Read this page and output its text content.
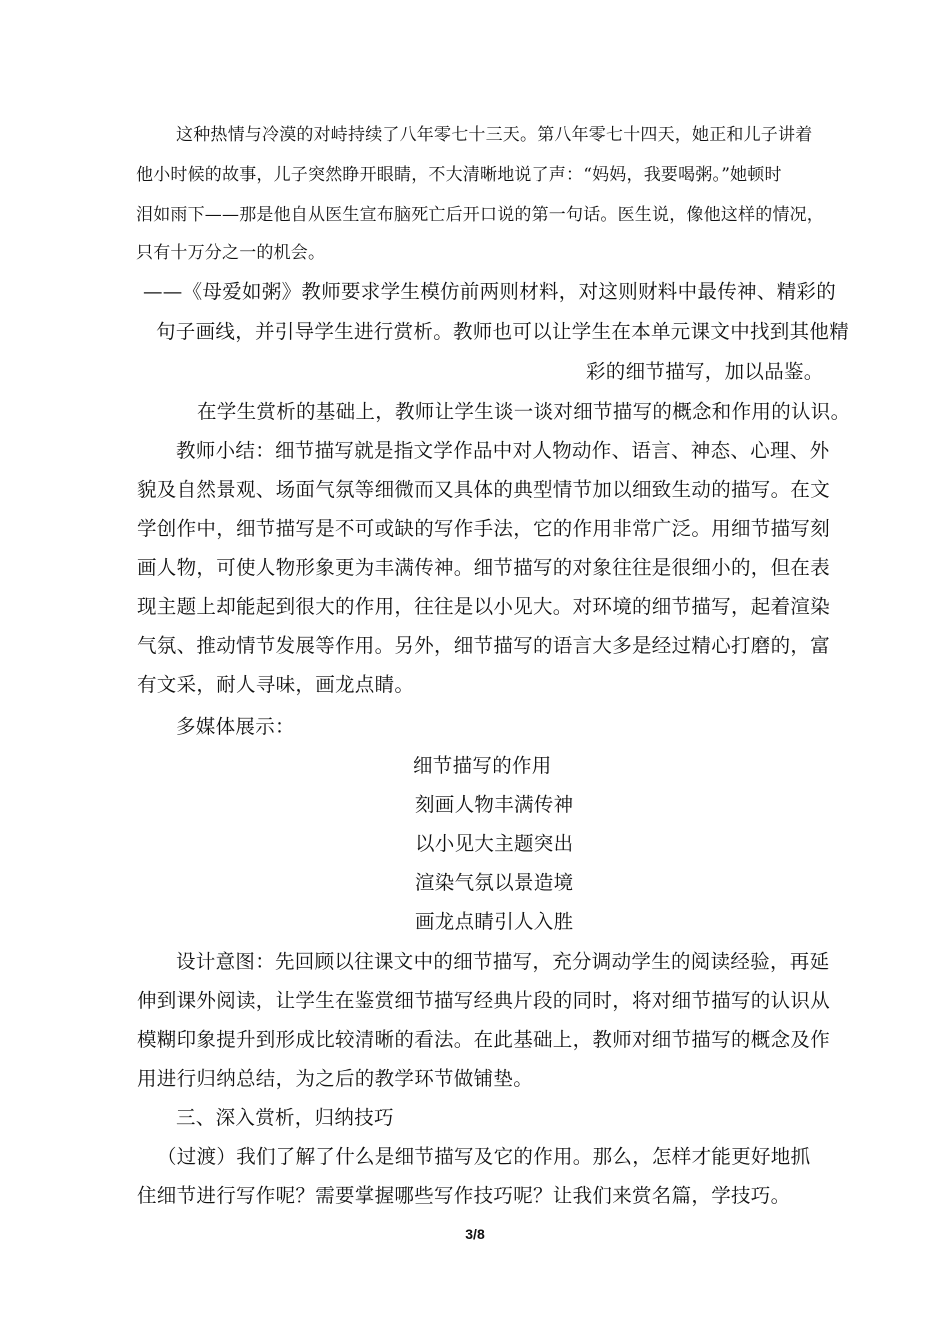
这种热情与冷漠的对峙持续了八年零七十三天。第八年零七十四天，她正和儿子讲着
他小时候的故事，儿子突然睁开眼睛，不大清晰地说了声：“妈妈，我要喝粥。”她顿时
泪如雨下——那是他自从医生宣布脑死亡后开口说的第一句话。医生说，像他这样的情况，
只有十万分之一的机会。
——《母爱如粥》教师要求学生模仿前两则材料，对这则财料中最传神、精彩的
句子画线，并引导学生进行赏析。教师也可以让学生在本单元课文中找到其他精
彩的细节描写，加以品鉴。
在学生赏析的基础上，教师让学生谈一谈对细节描写的概念和作用的认识。
教师小结：细节描写就是指文学作品中对人物动作、语言、神态、心理、外
貌及自然景观、场面气氛等细微而又具体的典型情节加以细致生动的描写。在文
学创作中，细节描写是不可或缺的写作手法，它的作用非常广泛。用细节描写刻
画人物，可使人物形象更为丰满传神。细节描写的对象往往是很细小的，但在表
现主题上却能起到很大的作用，往往是以小见大。对环境的细节描写，起着渲染
气氛、推动情节发展等作用。另外，细节描写的语言大多是经过精心打磨的，富
有文采，耐人寻味，画龙点睛。
多媒体展示：
细节描写的作用
刻画人物丰满传神
以小见大主题突出
渲染气氛以景造境
画龙点睛引人入胜
设计意图：先回顾以往课文中的细节描写，充分调动学生的阅读经验，再延
伸到课外阅读，让学生在鉴赏细节描写经典片段的同时，将对细节描写的认识从
模糊印象提升到形成比较清晰的看法。在此基础上，教师对细节描写的概念及作
用进行归纳总结，为之后的教学环节做铺垫。
三、深入赏析，归纳技巧
（过渡）我们了解了什么是细节描写及它的作用。那么，怎样才能更好地抓
住细节进行写作呢？需要掌握哪些写作技巧呢？让我们来赏名篇，学技巧。
3/8
